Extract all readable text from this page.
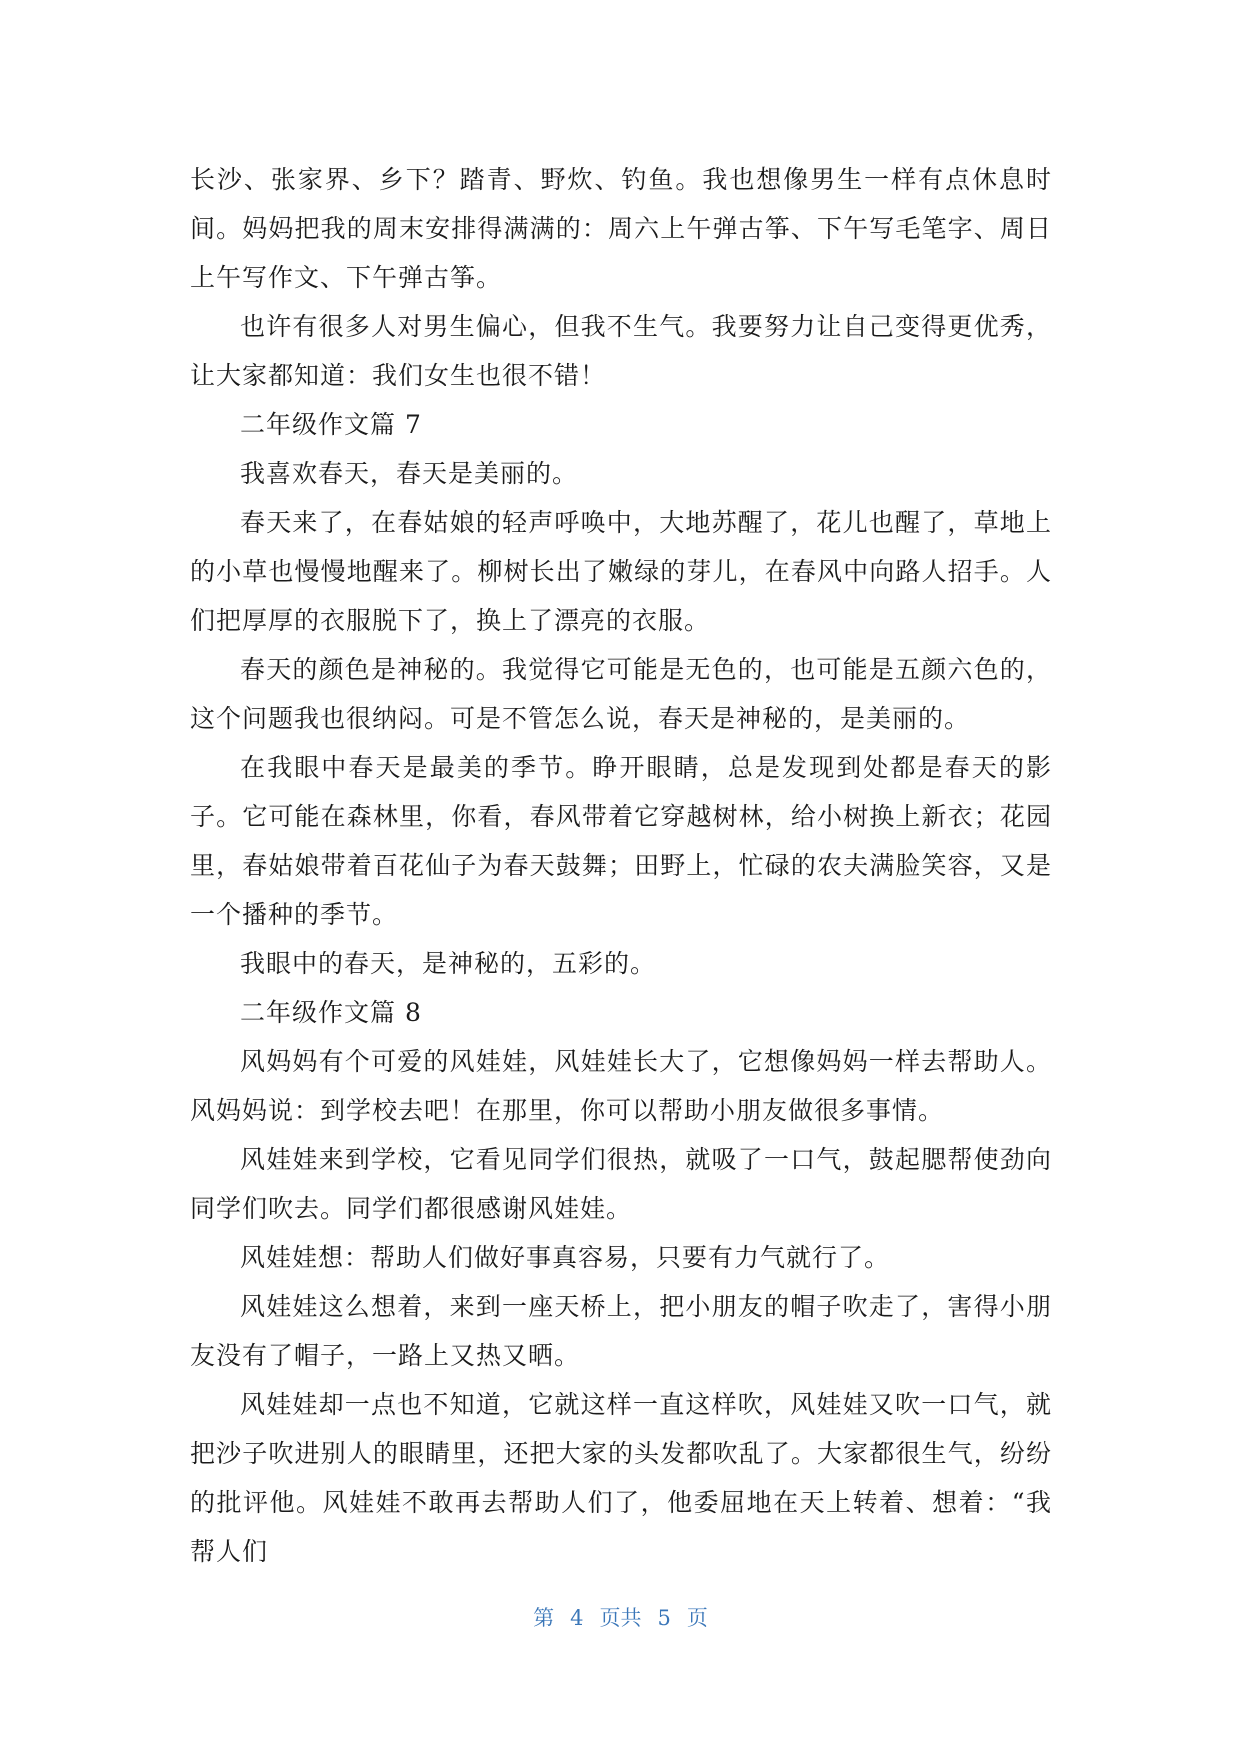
长沙、张家界、乡下？踏青、野炊、钓鱼。我也想像男生一样有点休息时间。妈妈把我的周末安排得满满的：周六上午弹古筝、下午写毛笔字、周日上午写作文、下午弹古筝。

也许有很多人对男生偏心，但我不生气。我要努力让自己变得更优秀，让大家都知道：我们女生也很不错！

二年级作文篇 7

我喜欢春天，春天是美丽的。

春天来了，在春姑娘的轻声呼唤中，大地苏醒了，花儿也醒了，草地上的小草也慢慢地醒来了。柳树长出了嫩绿的芽儿，在春风中向路人招手。人们把厚厚的衣服脱下了，换上了漂亮的衣服。

春天的颜色是神秘的。我觉得它可能是无色的，也可能是五颜六色的，这个问题我也很纳闷。可是不管怎么说，春天是神秘的，是美丽的。

在我眼中春天是最美的季节。睁开眼睛，总是发现到处都是春天的影子。它可能在森林里，你看，春风带着它穿越树林，给小树换上新衣；花园里，春姑娘带着百花仙子为春天鼓舞；田野上，忙碌的农夫满脸笑容，又是一个播种的季节。

我眼中的春天，是神秘的，五彩的。

二年级作文篇 8

风妈妈有个可爱的风娃娃，风娃娃长大了，它想像妈妈一样去帮助人。风妈妈说：到学校去吧！在那里，你可以帮助小朋友做很多事情。

风娃娃来到学校，它看见同学们很热，就吸了一口气，鼓起腮帮使劲向同学们吹去。同学们都很感谢风娃娃。

风娃娃想：帮助人们做好事真容易，只要有力气就行了。

风娃娃这么想着，来到一座天桥上，把小朋友的帽子吹走了，害得小朋友没有了帽子，一路上又热又晒。

风娃娃却一点也不知道，它就这样一直这样吹，风娃娃又吹一口气，就把沙子吹进别人的眼睛里，还把大家的头发都吹乱了。大家都很生气，纷纷的批评他。风娃娃不敢再去帮助人们了，他委屈地在天上转着、想着：“我帮人们

第 4 页共 5 页
